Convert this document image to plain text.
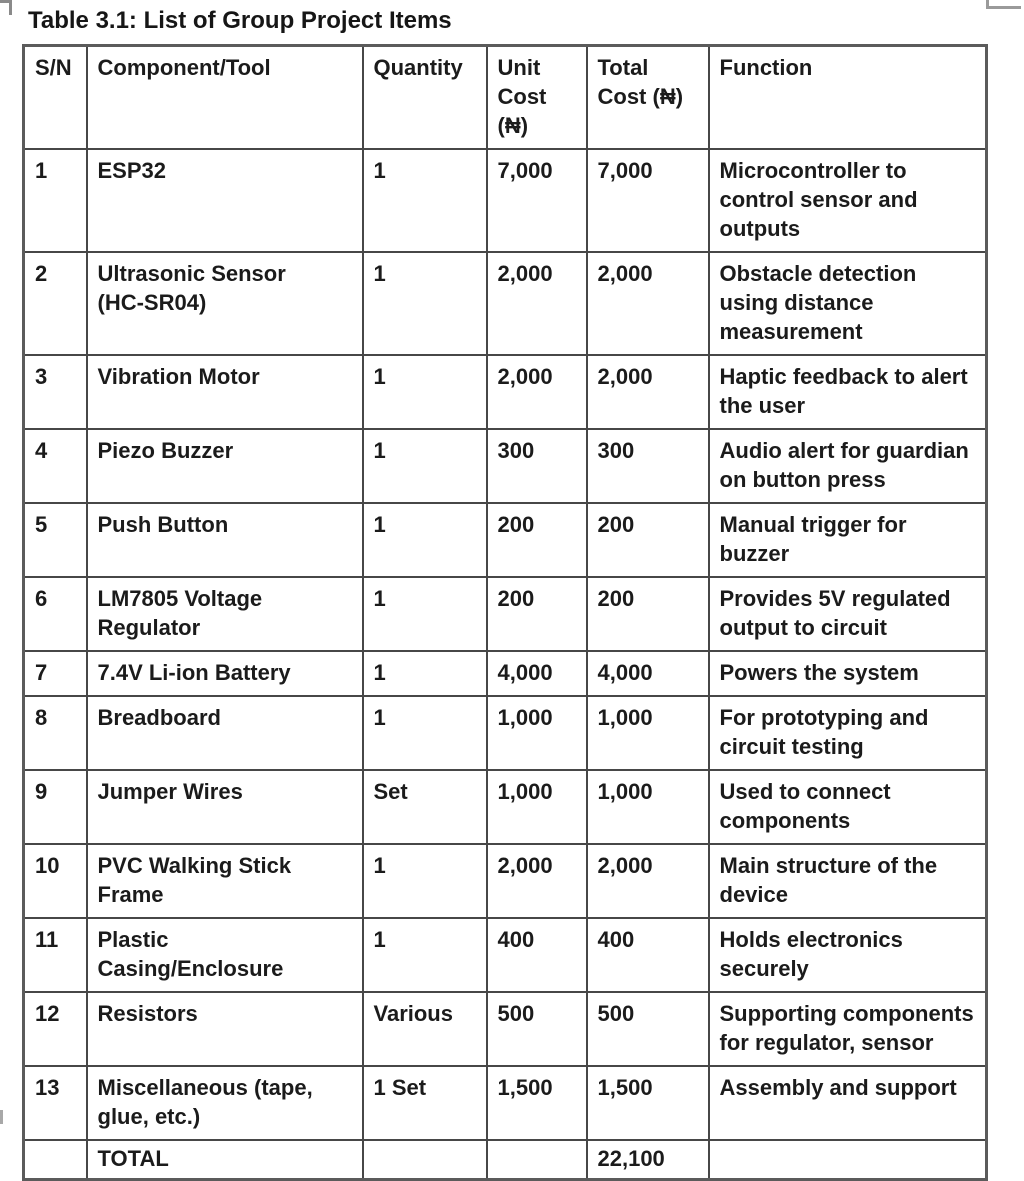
Table 3.1: List of Group Project Items
S/N	Component/Tool	Quantity	Unit Cost (₦)	Total Cost (₦)	Function
1	ESP32	1	7,000	7,000	Microcontroller to control sensor and outputs
2	Ultrasonic Sensor (HC-﻿SR04)	1	2,000	2,000	Obstacle detection using distance measurement
3	Vibration Motor	1	2,000	2,000	Haptic feedback to alert the user
4	Piezo Buzzer	1	300	300	Audio alert for guardian on button press
5	Push Button	1	200	200	Manual trigger for buzzer
6	LM7805 Voltage Regulator	1	200	200	Provides 5V regulated output to circuit
7	7.4V Li-﻿ion Battery	1	4,000	4,000	Powers the system
8	Breadboard	1	1,000	1,000	For prototyping and circuit testing
9	Jumper Wires	Set	1,000	1,000	Used to connect components
10	PVC Walking Stick Frame	1	2,000	2,000	Main structure of the device
11	Plastic Casing/﻿Enclosure	1	400	400	Holds electronics securely
12	Resistors	Various	500	500	Supporting components for regulator, sensor
13	Miscellaneous (tape, glue, etc.)	1 Set	1,500	1,500	Assembly and support
	TOTAL			22,100	
